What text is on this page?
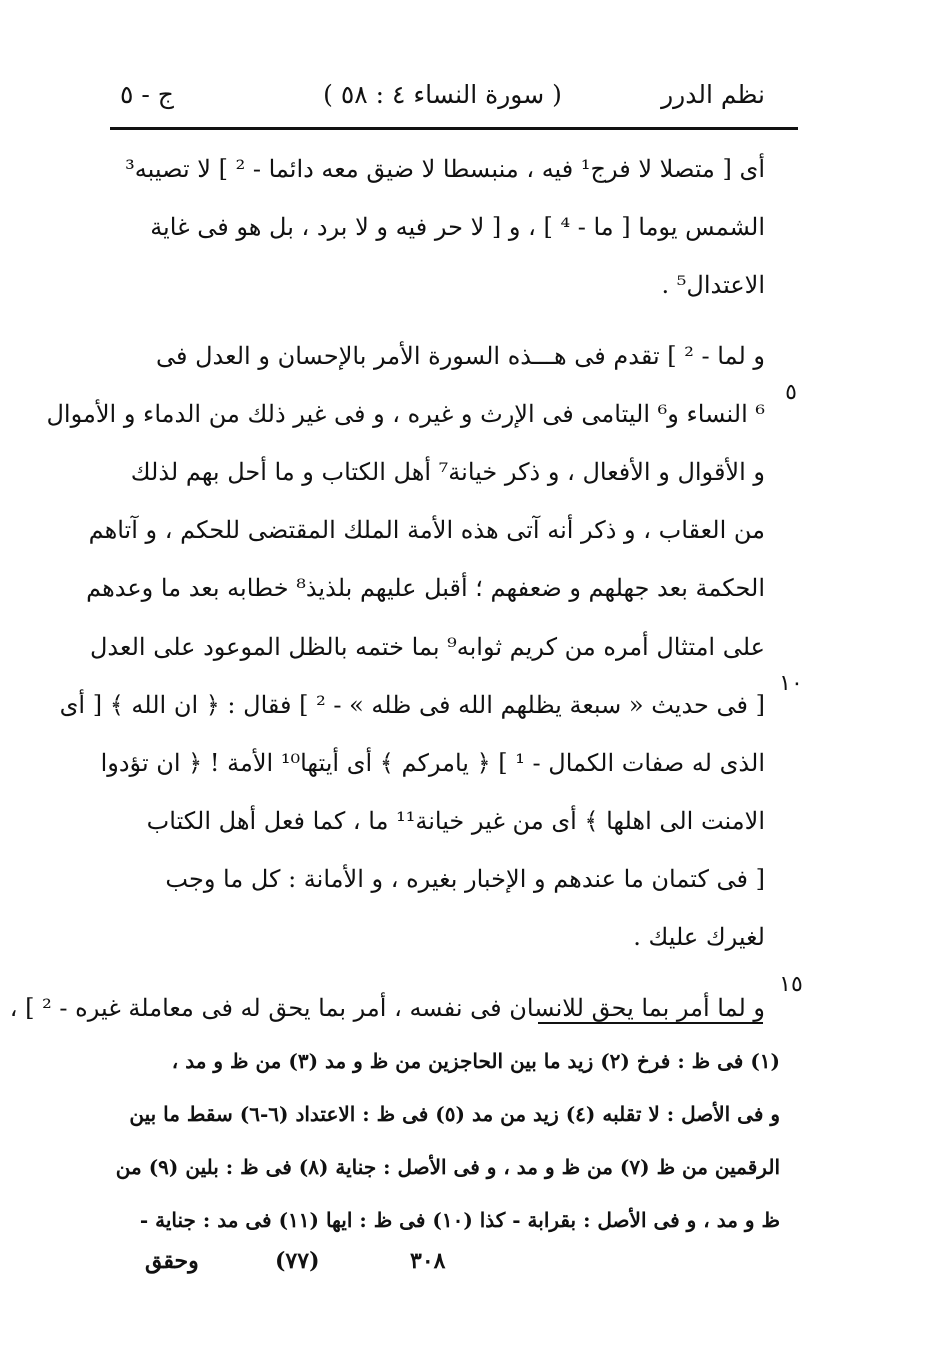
نظم الدرر
( سورة النساء ٤ : ٥٨ )
ج - ٥
أى [ متصلا لا فرج¹ فيه ، منبسطا لا ضيق معه دائما - ² ] لا تصيبه³
الشمس يوما [ ما - ⁴ ] ، و [ لا حر فيه و لا برد ، بل هو فى غاية
الاعتدال⁵ .
و لما - ² ] تقدم فى هـــذه السورة الأمر بالإحسان و العدل فى
⁶ النساء و⁶ اليتامى فى الإرث و غيره ، و فى غير ذلك من الدماء و الأموال
و الأقوال و الأفعال ، و ذكر خيانة⁷ أهل الكتاب و ما أحل بهم لذلك
من العقاب ، و ذكر أنه آتى هذه الأمة الملك المقتضى للحكم ، و آتاهم
الحكمة بعد جهلهم و ضعفهم ؛ أقبل عليهم بلذيذ⁸ خطابه بعد ما وعدهم
على امتثال أمره من كريم ثوابه⁹ بما ختمه بالظل الموعود على العدل
[ فى حديث « سبعة يظلهم الله فى ظله » - ² ] فقال : ﴿ ان الله ﴾ [ أى
الذى له صفات الكمال - ¹ ] ﴿ يامركم ﴾ أى أيتها¹⁰ الأمة ! ﴿ ان تؤدوا
الامنت الى اهلها ﴾ أى من غير خيانة¹¹ ما ، كما فعل أهل الكتاب
[ فى كتمان ما عندهم و الإخبار بغيره ، و الأمانة : كل ما وجب
لغيرك عليك .
و لما أمر بما يحق للانسان فى نفسه ، أمر بما يحق له فى معاملة غيره - ² ] ،
٥
١٠
١٥
(١) فى ظ : فرخ (٢) زيد ما بين الحاجزين من ظ و مد (٣) من ظ و مد ،
و فى الأصل : لا تقلبه (٤) زيد من مد (٥) فى ظ : الاعتداد (٦-٦) سقط ما بين
الرقمين من ظ (٧) من ظ و مد ، و فى الأصل : جناية (٨) فى ظ : بلين (٩) من
ظ و مد ، و فى الأصل : بقرابة - كذا (١٠) فى ظ : ايها (١١) فى مد : جناية -
٣٠٨
(٧٧)
وحقق
